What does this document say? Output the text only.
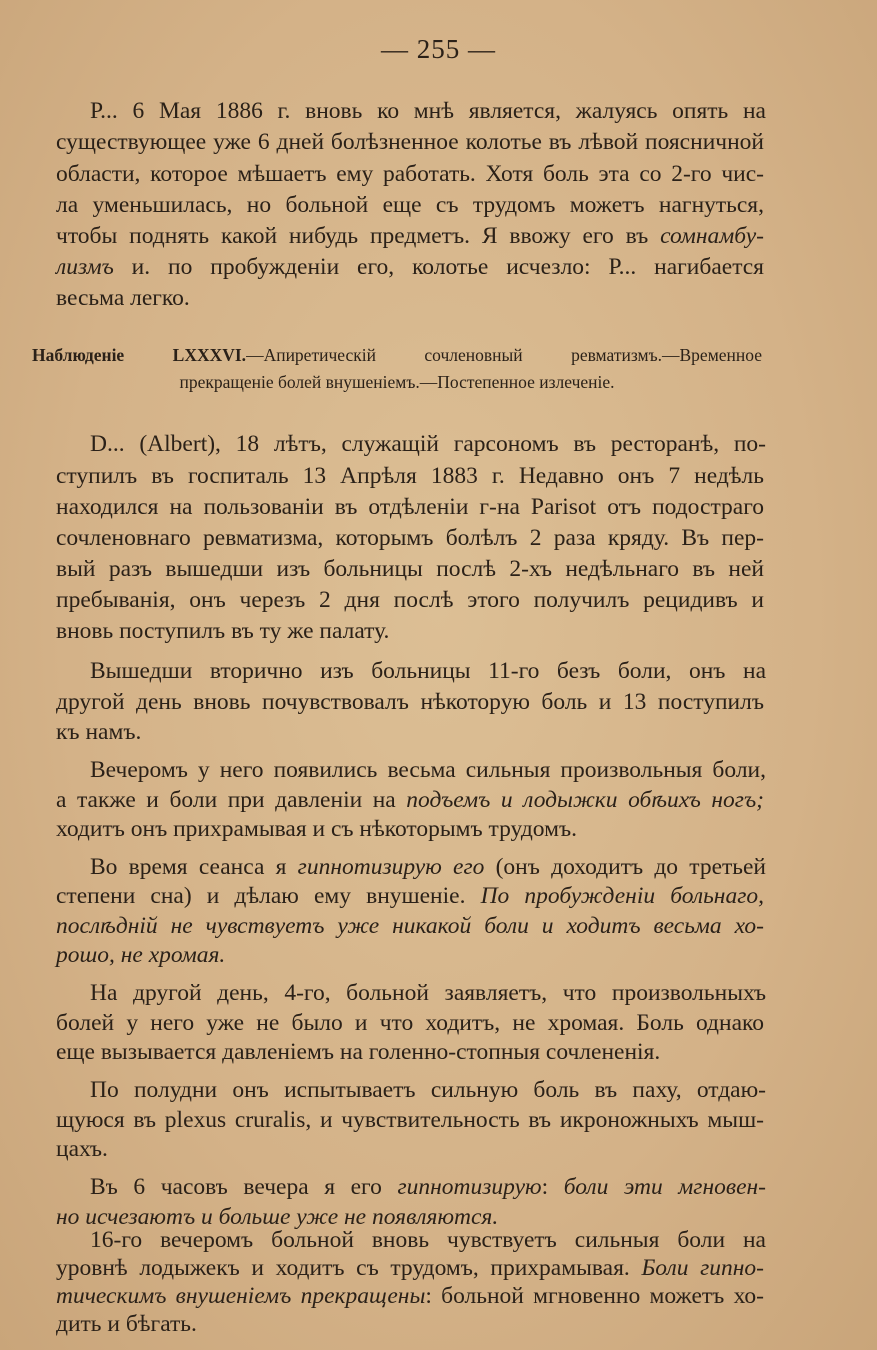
— 255 —
Р... 6 Мая 1886 г. вновь ко мнѣ является, жалуясь опять на
существующее уже 6 дней болѣзненное колотье въ лѣвой поясничной
области, которое мѣшаетъ ему работать. Хотя боль эта со 2-го чис-
ла уменьшилась, но больной еще съ трудомъ можетъ нагнуться,
чтобы поднять какой нибудь предметъ. Я ввожу его въ сомнамбу-
лизмъ и. по пробужденіи его, колотье исчезло: Р... нагибается
весьма легко.
Наблюденіе LXXXVI.—Апиретическій сочленовный ревматизмъ.—Временное
прекращеніе болей внушеніемъ.—Постепенное излеченіе.
D... (Albert), 18 лѣтъ, служащій гарсономъ въ ресторанѣ, по-
ступилъ въ госпиталь 13 Апрѣля 1883 г. Недавно онъ 7 недѣль
находился на пользованіи въ отдѣленіи г-на Parisot отъ подостраго
сочленовнаго ревматизма, которымъ болѣлъ 2 раза кряду. Въ пер-
вый разъ вышедши изъ больницы послѣ 2-хъ недѣльнаго въ ней
пребыванія, онъ черезъ 2 дня послѣ этого получилъ рецидивъ и
вновь поступилъ въ ту же палату.
Вышедши вторично изъ больницы 11-го безъ боли, онъ на
другой день вновь почувствовалъ нѣкоторую боль и 13 поступилъ
къ намъ.
Вечеромъ у него появились весьма сильныя произвольныя боли,
а также и боли при давленіи на подъемъ и лодыжки обѣихъ ногъ;
ходитъ онъ прихрамывая и съ нѣкоторымъ трудомъ.
Во время сеанса я гипнотизирую его (онъ доходитъ до третьей
степени сна) и дѣлаю ему внушеніе. По пробужденіи больнаго,
послѣдній не чувствуетъ уже никакой боли и ходитъ весьма хо-
рошо, не хромая.
На другой день, 4-го, больной заявляетъ, что произвольныхъ
болей у него уже не было и что ходитъ, не хромая. Боль однако
еще вызывается давленіемъ на голенно-стопныя сочлененія.
По полудни онъ испытываетъ сильную боль въ паху, отдаю-
щуюся въ plexus cruralis, и чувствительность въ икроножныхъ мыш-
цахъ.
Въ 6 часовъ вечера я его гипнотизирую: боли эти мгновен-
но исчезаютъ и больше уже не появляются.
16-го вечеромъ больной вновь чувствуетъ сильныя боли на
уровнѣ лодыжекъ и ходитъ съ трудомъ, прихрамывая. Боли гипно-
тическимъ внушеніемъ прекращены: больной мгновенно можетъ хо-
дить и бѣгать.
